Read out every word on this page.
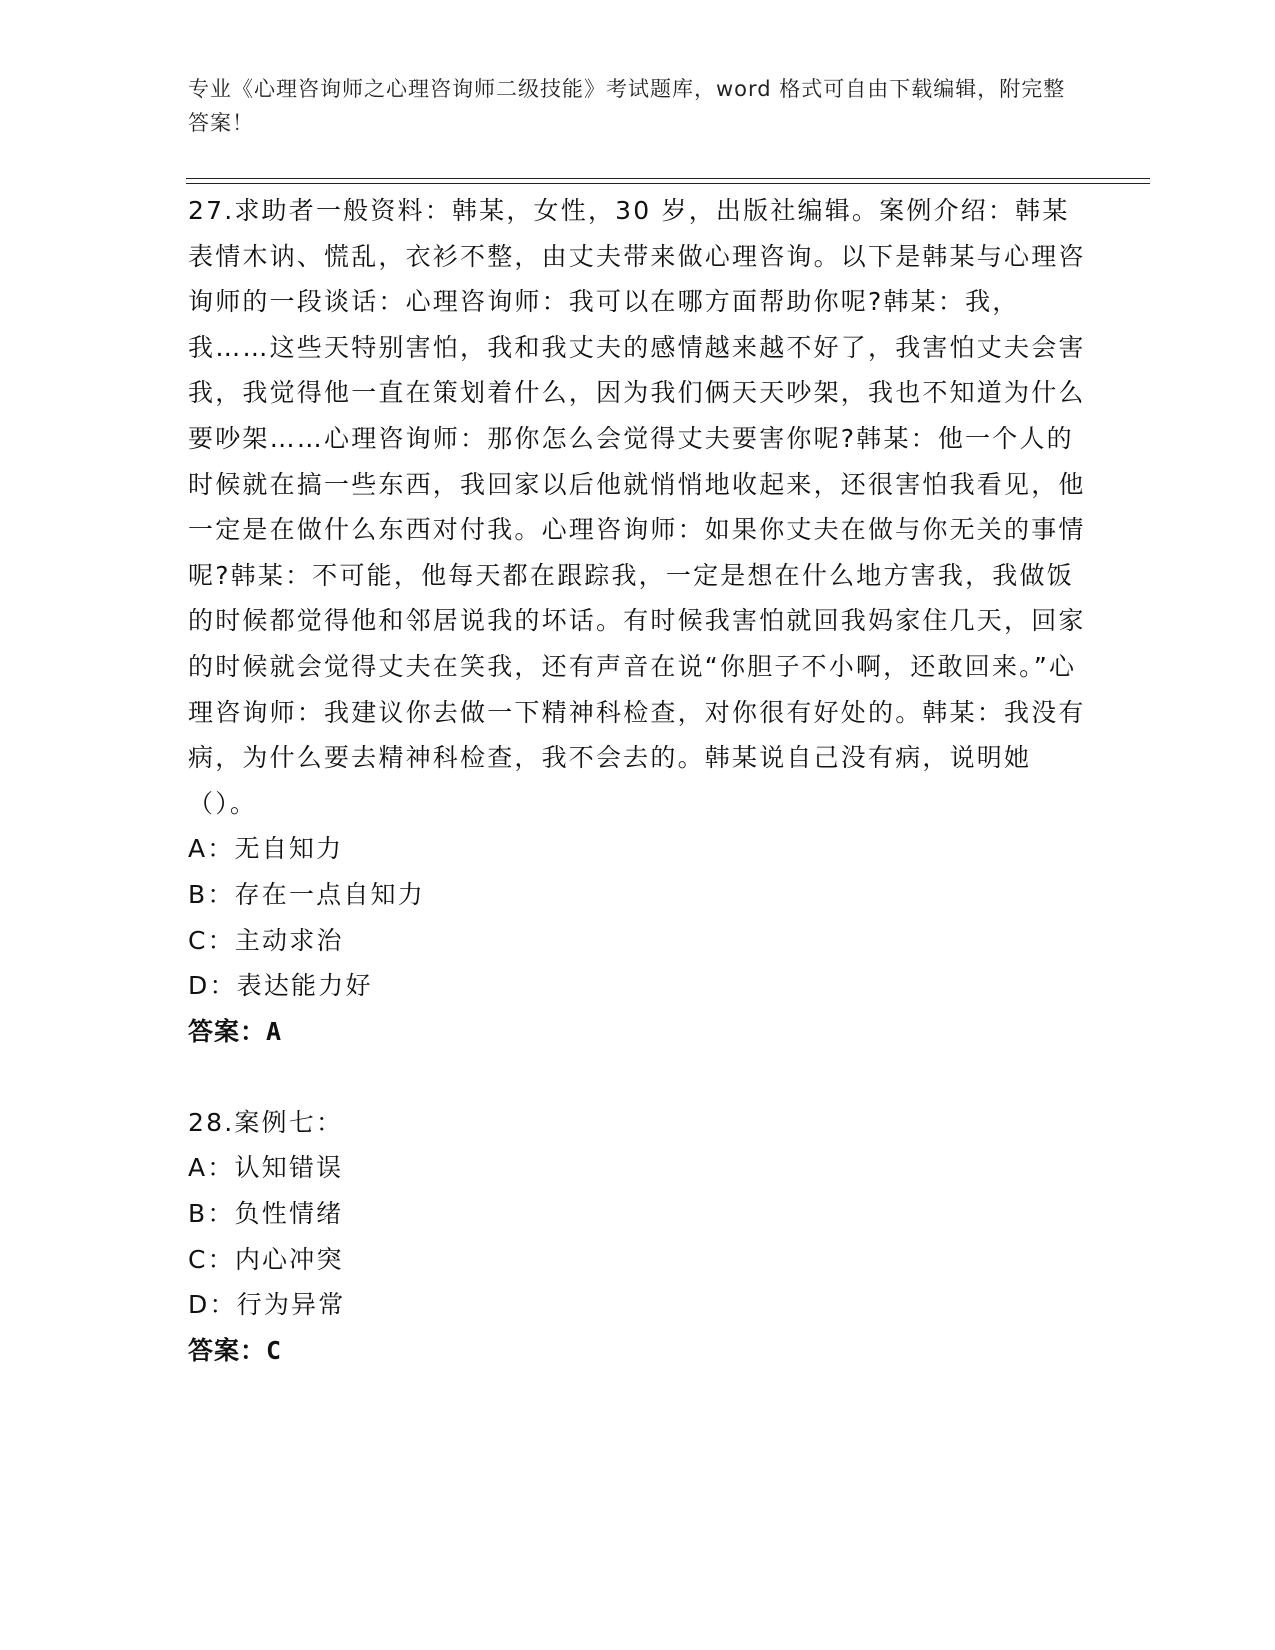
专业《心理咨询师之心理咨询师二级技能》考试题库，word 格式可自由下载编辑，附完整答案！

27.求助者一般资料：韩某，女性，30 岁，出版社编辑。案例介绍：韩某表情木讷、慌乱，衣衫不整，由丈夫带来做心理咨询。以下是韩某与心理咨询师的一段谈话：心理咨询师：我可以在哪方面帮助你呢?韩某：我，我……这些天特别害怕，我和我丈夫的感情越来越不好了，我害怕丈夫会害我，我觉得他一直在策划着什么，因为我们俩天天吵架，我也不知道为什么要吵架……心理咨询师：那你怎么会觉得丈夫要害你呢?韩某：他一个人的时候就在搞一些东西，我回家以后他就悄悄地收起来，还很害怕我看见，他一定是在做什么东西对付我。心理咨询师：如果你丈夫在做与你无关的事情呢?韩某：不可能，他每天都在跟踪我，一定是想在什么地方害我，我做饭的时候都觉得他和邻居说我的坏话。有时候我害怕就回我妈家住几天，回家的时候就会觉得丈夫在笑我，还有声音在说“你胆子不小啊，还敢回来。”心理咨询师：我建议你去做一下精神科检查，对你很有好处的。韩某：我没有病，为什么要去精神科检查，我不会去的。韩某说自己没有病，说明她（）。

A：无自知力

B：存在一点自知力

C：主动求治

D：表达能力好

答案：A

28.案例七：

A：认知错误

B：负性情绪

C：内心冲突

D：行为异常

答案：C
